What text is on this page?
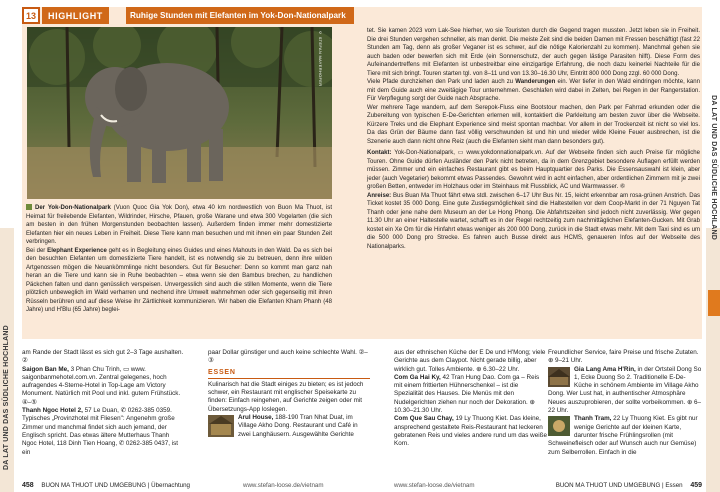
DA LAT UND DAS SÜDLICHE HOCHLAND
DA LAT UND DAS SÜDLICHE HOCHLAND
13	HIGHLIGHT	Ruhige Stunden mit Elefanten im Yok-Don-Nationalpark
© STEFAN MAYERHOFER

Der Yok-Don-Nationalpark (Vuon Quoc Gia Yok Don), etwa 40 km nordwestlich von Buon Ma Thuot, ist Heimat für freilebende Elefanten, Wildrinder, Hirsche, Pfauen, große Warane und etwa 300 Vogelarten (die sich am besten in den frühen Morgenstunden beobachten lassen). Außerdem finden immer mehr domestizierte Elefanten hier ein neues Leben in Freiheit. Diese Tiere kann man besuchen und mit ihnen ein paar Stunden Zeit verbringen.

Bei der Elephant Experience geht es in Begleitung eines Guides und eines Mahouts in den Wald. Da es sich bei den besuchten Elefanten um domestizierte Tiere handelt, ist es notwendig sie zu betreuen, denn ihre wilden Artgenossen mögen die Neuankömmlinge nicht besonders. Gut für Besucher: Denn so kommt man ganz nah heran an die Tiere und kann sie in Ruhe beobachten – etwa wenn sie den Bambus brechen, zu handlichen Päckchen falten und dann genüsslich verspeisen. Unvergesslich sind auch die stillen Momente, wenn die Tiere plötzlich unbeweglich im Wald verharren und nechend ihre Umwelt wahrnehmen oder sich gegenseitig mit ihren Rüsseln berühren und auf diese Weise ihr Zärtlichkeit kommunizieren. Wir haben die Elefanten Kham Phanh (48 Jahre) und H'Blu (65 Jahre) beglei-

tet. Sie kamen 2023 vom Lak-See hierher, wo sie Touristen durch die Gegend tragen mussten. Jetzt leben sie in Freiheit. Die drei Stunden vergehen schneller, als man denkt. Die meiste Zeit sind die beiden Damen mit Fressen beschäftigt (fast 22 Stunden am Tag, denn als großer Veganer ist es schwer, auf die nötige Kalorienzahl zu kommen). Manchmal gehen sie auch baden oder bewerfen sich mit Erde (ein Sonnenschutz, der auch gegen lästige Parasiten hilft). Diese Form des Aufeinandertreffens mit Elefanten ist unbestreitbar eine einzigartige Erfahrung, die noch dazu keinerlei Nachteile für die Tiere mit sich bringt. Touren starten tgl. von 8–11 und von 13.30–16.30 Uhr, Eintritt 800 000 Dong zzgl. 60 000 Dong.

Viele Pfade durchziehen den Park und laden auch zu Wanderungen ein. Wer tiefer in den Wald eindringen möchte, kann mit dem Guide auch eine zweitägige Tour unternehmen. Geschlafen wird dabei in Zelten, bei Regen in der Rangerstation. Für Verpflegung sorgt der Guide nach Absprache.

Wer mehrere Tage wandern, auf dem Serepok-Fluss eine Bootstour machen, den Park per Fahrrad erkunden oder die Zubereitung von typischen E-De-Gerichten erlernen will, kontaktiert die Parkleitung am besten zuvor über die Webseite. Kürzere Treks und die Elephant Experience sind meist spontan machbar. Vor allem in der Trockenzeit ist nicht so viel los. Da das Grün der Bäume dann fast völlig verschwunden ist und hin und wieder wilde Kleine Feuer ausbrechen, ist die Szenerie auch dann nicht ohne Reiz (auch die Elefanten sieht man dann besonders gut).

Kontakt: Yok-Don-Nationalpark, ▭ www.yokdonnationalpark.vn. Auf der Webseite finden sich auch Preise für mögliche Touren. Ohne Guide dürfen Ausländer den Park nicht betreten, da in dem Grenzgebiet besondere Auflagen erfüllt werden müssen. Zimmer und ein einfaches Restaurant gibt es beim Hauptquartier des Parks. Die Essensauswahl ist klein, aber jeder (auch Vegetarier) bekommt etwas Passendes. Gewohnt wird in acht einfachen, aber ordentlichen Zimmern mit je zwei großen Betten, entweder im Holzhaus oder im Steinhaus mit Flussblick, AC und Warmwasser. ⑥

Anreise: Bus Buan Ma Thuot fährt etwa stdl. zwischen 6–17 Uhr Bus Nr. 15, leicht erkennbar am rosa-grünen Anstrich. Das Ticket kostet 35 000 Dong. Eine gute Zustiegsmöglichkeit sind die Haltestellen vor dem Coop-Markt in der 71 Nguyen Tat Thanh oder jene nahe dem Museum an der Le Hong Phong. Die Abfahrtszeiten sind jedoch nicht zuverlässig. Wer gegen 11.30 Uhr an einer Haltestelle wartet, schafft es in der Regel rechtzeitig zum nachmittäglichen Elefanten-Gucken. Mit Grab kostet ein Xe Om für die Hinfahrt etwas weniger als 200 000 Dong, zurück in die Stadt etwas mehr. Mit dem Taxi sind es um die 500 000 Dong pro Strecke. Es fahren auch Busse direkt aus HCMS, genaueren Infos auf der Webseite des Nationalparks.

am Rande der Stadt lässt es sich gut 2–3 Tage aushalten. ②

Saigon Ban Me, 3 Phan Chu Trinh, ▭ www. saigonbanmehotel.com.vn. Zentral gelegenes, hoch aufragendes 4-Sterne-Hotel in Top-Lage am Victory Monument. Natürlich mit Pool und inkl. gutem Frühstück. ④–⑤

Thanh Ngoc Hotel 2, 57 Le Duan, ✆ 0262-385 0359. Typisches „Provinzhotel mit Fliesen": Angenehm große Zimmer und manchmal findet sich auch jemand, der Englisch spricht. Das etwas ältere Mutterhaus Thanh Ngoc Hotel, 118 Dinh Tien Hoang, ✆ 0262-385 0437, ist ein

paar Dollar günstiger und auch keine schlechte Wahl. ②–③

ESSEN

Kulinarisch hat die Stadt einiges zu bieten; es ist jedoch schwer, ein Restaurant mit englischer Speisekarte zu finden: Einfach reingehen, auf Gerichte zeigen oder mit Übersetzungs-App loslegen.

Arul House, 188-190 Tran Nhat Duat, im Village Akho Dong. Restaurant und Café in zwei Langhäusern. Ausgewählte Gerichte

aus der ethnischen Küche der E De und H'Mong; viele Gerichte aus dem Claypot. Nicht gerade billig, aber wirklich gut. Tolles Ambiente. ⊕ 6.30–22 Uhr.

Com Ga Hai Ky, 42 Tran Hung Dao. Com ga – Reis mit einem frittierten Hühnerschenkel – ist die Spezialität des Hauses. Die Menüs mit den Nudelgerichten ziehen nur noch der Dekoration. ⊕ 10.30–21.30 Uhr.

Com Que Sau Chay, 19 Ly Thuong Kiet. Das kleine, ansprechend gestaltete Reis-Restaurant hat leckeren gebratenen Reis und vieles andere rund um das weiße Korn.

Freundlicher Service, faire Preise und frische Zutaten. ⊕ 9–21 Uhr.

Gia Lang Ama H'Rin, in der Ortsteil Dong So 1, Ecke Duong So 2. Traditionelle E-De-Küche in schönem Ambiente im Village Akho Dong. Wer Lust hat, in authentischer Atmosphäre Neues auszuprobieren, der sollte vorbeikommen. ⊕ 6–22 Uhr.

Thanh Tram, 22 Ly Thuong Kiet. Es gibt nur wenige Gerichte auf der kleinen Karte, darunter frische Frühlingsrollen (mit Schweinefleisch oder auf Wunsch auch nur Gemüse) zum Selberrollen. Einfach in die

458 BUON MA THUOT UND UMGEBUNG | Übernachtung	www.stefan-loose.de/vietnam	www.stefan-loose.de/vietnam	BUON MA THUOT UND UMGEBUNG | Essen 459
